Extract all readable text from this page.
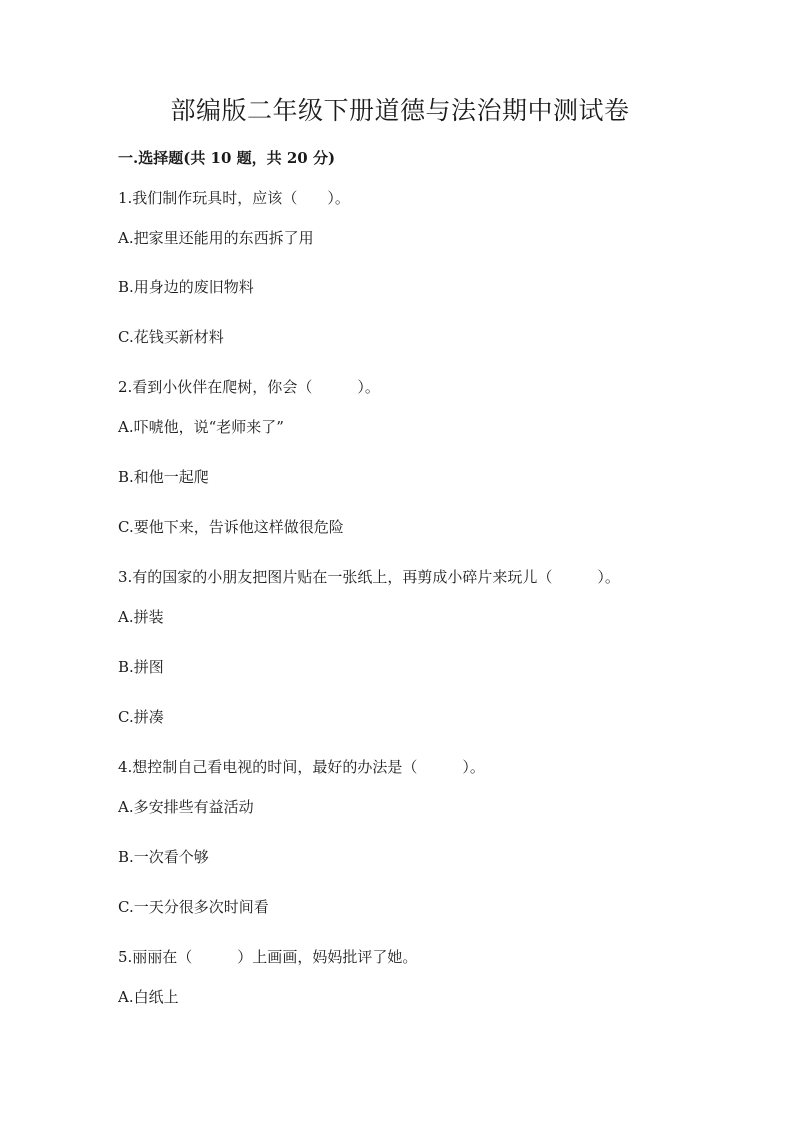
部编版二年级下册道德与法治期中测试卷
一.选择题(共 10 题，共 20 分)
1.我们制作玩具时，应该（　　）。
A.把家里还能用的东西拆了用
B.用身边的废旧物料
C.花钱买新材料
2.看到小伙伴在爬树，你会（　　　）。
A.吓唬他，说“老师来了”
B.和他一起爬
C.要他下来，告诉他这样做很危险
3.有的国家的小朋友把图片贴在一张纸上，再剪成小碎片来玩儿（　　　）。
A.拼装
B.拼图
C.拼凑
4.想控制自己看电视的时间，最好的办法是（　　　）。
A.多安排些有益活动
B.一次看个够
C.一天分很多次时间看
5.丽丽在（　　　）上画画，妈妈批评了她。
A.白纸上
